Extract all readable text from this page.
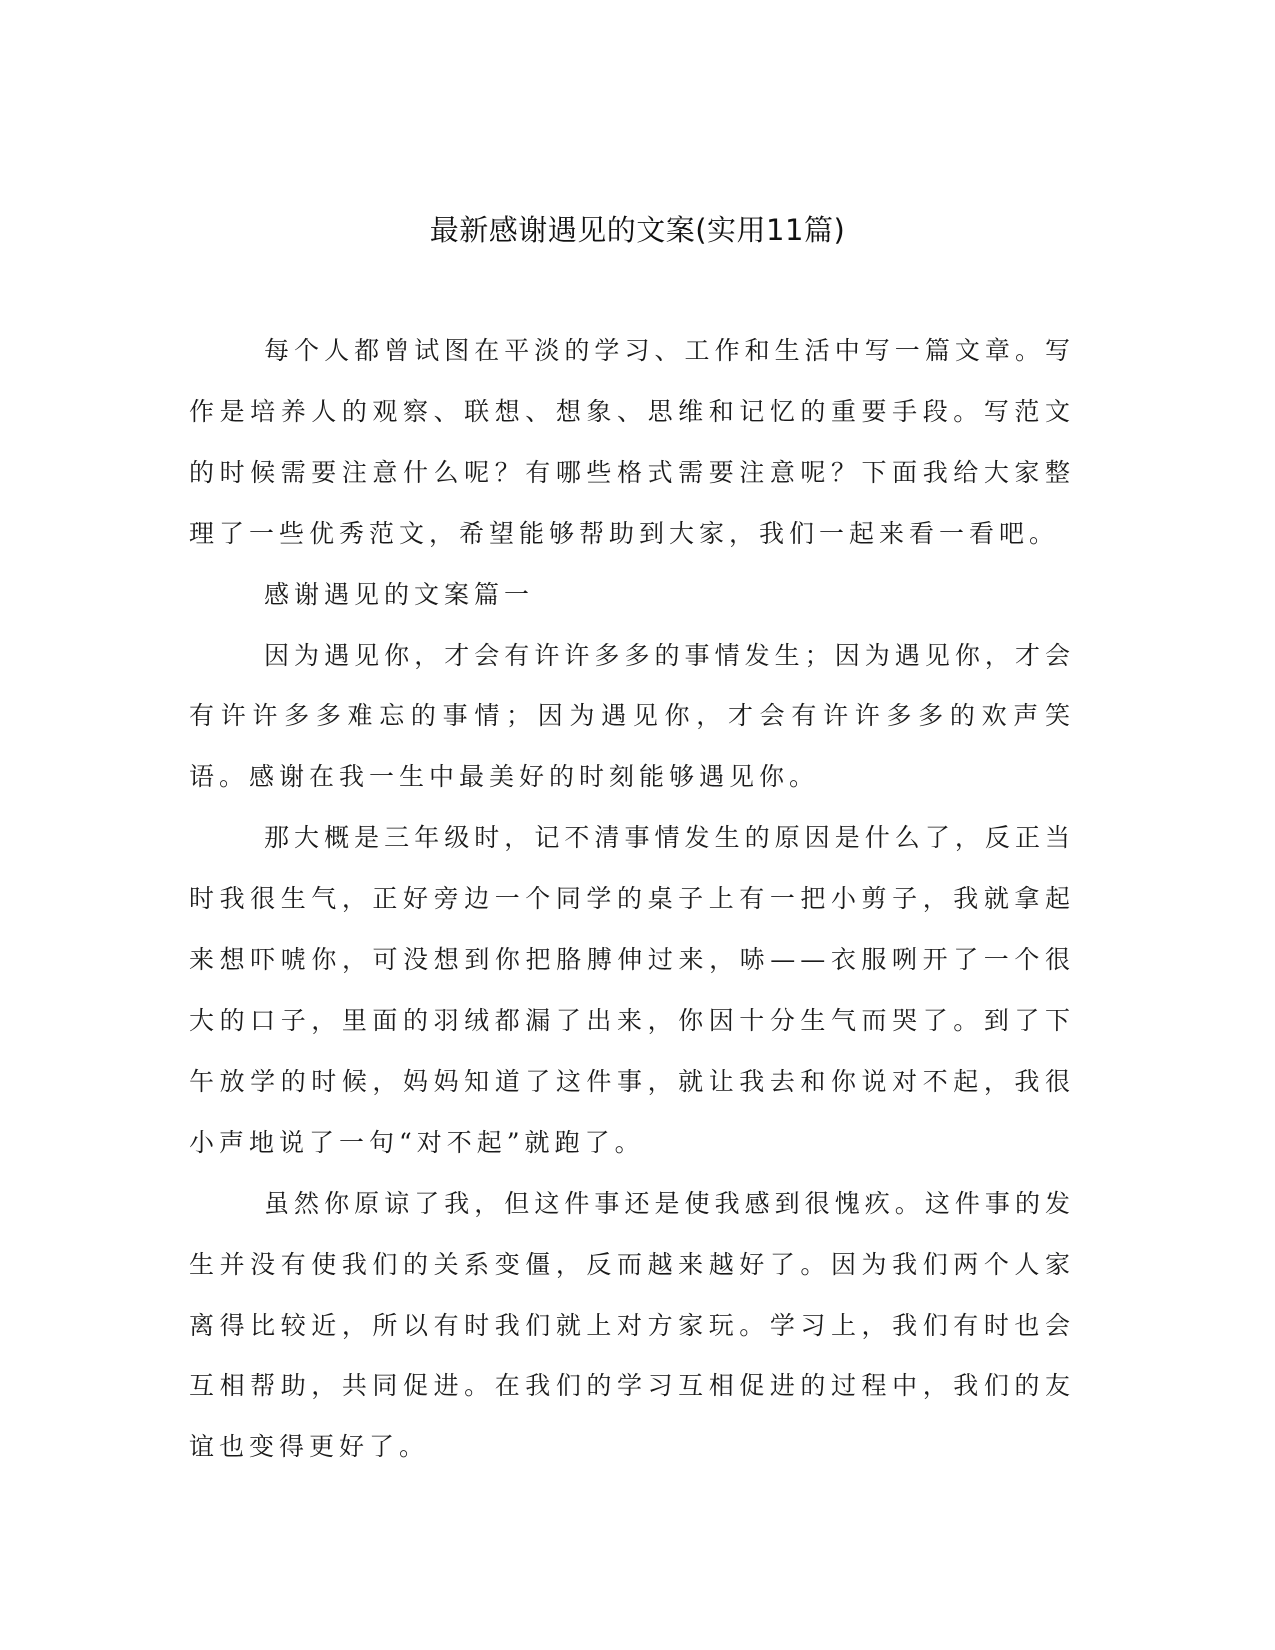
最新感谢遇见的文案(实用11篇)

每个人都曾试图在平淡的学习、工作和生活中写一篇文章。写作是培养人的观察、联想、想象、思维和记忆的重要手段。写范文的时候需要注意什么呢？有哪些格式需要注意呢？下面我给大家整理了一些优秀范文，希望能够帮助到大家，我们一起来看一看吧。

感谢遇见的文案篇一

因为遇见你，才会有许许多多的事情发生；因为遇见你，才会有许许多多难忘的事情；因为遇见你，才会有许许多多的欢声笑语。感谢在我一生中最美好的时刻能够遇见你。

那大概是三年级时，记不清事情发生的原因是什么了，反正当时我很生气，正好旁边一个同学的桌子上有一把小剪子，我就拿起来想吓唬你，可没想到你把胳膊伸过来，哧——衣服咧开了一个很大的口子，里面的羽绒都漏了出来，你因十分生气而哭了。到了下午放学的时候，妈妈知道了这件事，就让我去和你说对不起，我很小声地说了一句“对不起”就跑了。

虽然你原谅了我，但这件事还是使我感到很愧疚。这件事的发生并没有使我们的关系变僵，反而越来越好了。因为我们两个人家离得比较近，所以有时我们就上对方家玩。学习上，我们有时也会互相帮助，共同促进。在我们的学习互相促进的过程中，我们的友谊也变得更好了。
